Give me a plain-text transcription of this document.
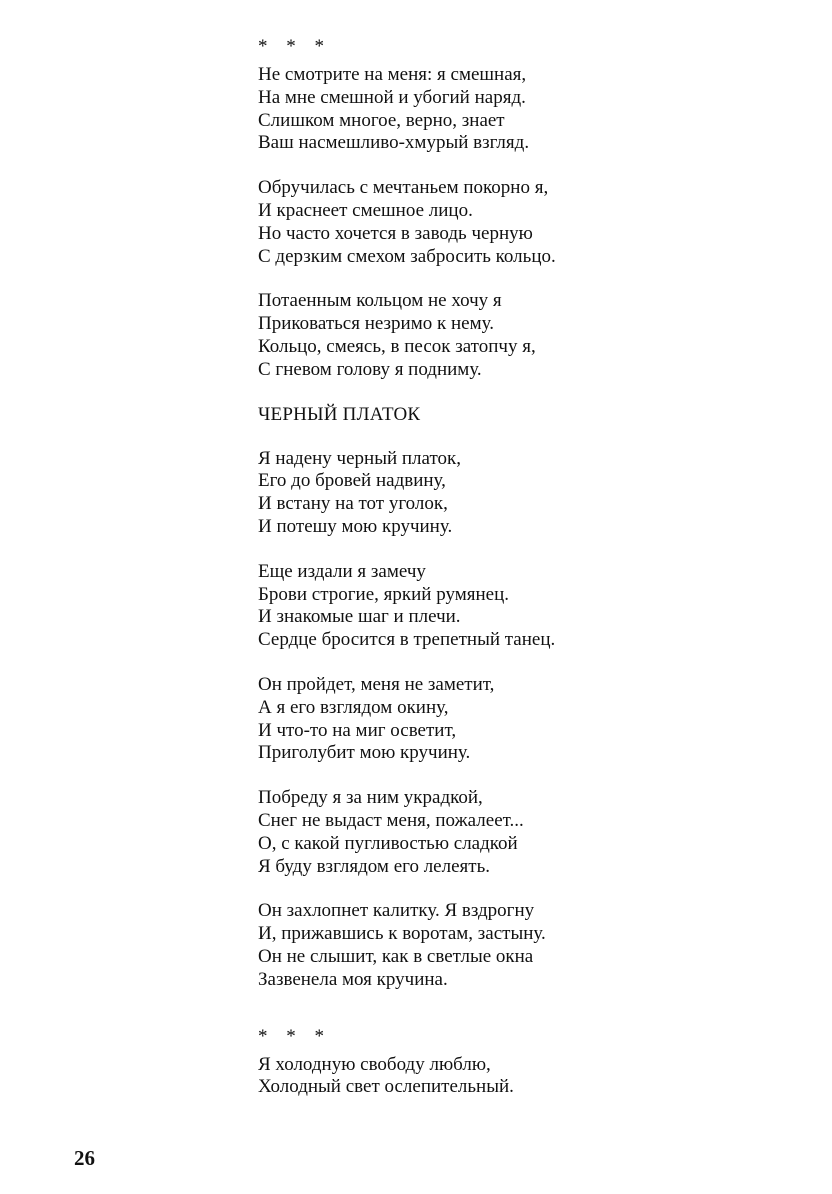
* * *
Не смотрите на меня: я смешная,
На мне смешной и убогий наряд.
Слишком многое, верно, знает
Ваш насмешливо-хмурый взгляд.
Обручилась с мечтаньем покорно я,
И краснеет смешное лицо.
Но часто хочется в заводь черную
С дерзким смехом забросить кольцо.
Потаенным кольцом не хочу я
Приковаться незримо к нему.
Кольцо, смеясь, в песок затопчу я,
С гневом голову я подниму.
ЧЕРНЫЙ ПЛАТОК
Я надену черный платок,
Его до бровей надвину,
И встану на тот уголок,
И потешу мою кручину.
Еще издали я замечу
Брови строгие, яркий румянец.
И знакомые шаг и плечи.
Сердце бросится в трепетный танец.
Он пройдет, меня не заметит,
А я его взглядом окину,
И что-то на миг осветит,
Приголубит мою кручину.
Побреду я за ним украдкой,
Снег не выдаст меня, пожалеет...
О, с какой пугливостью сладкой
Я буду взглядом его лелеять.
Он захлопнет калитку. Я вздрогну
И, прижавшись к воротам, застыну.
Он не слышит, как в светлые окна
Зазвенела моя кручина.
* * *
Я холодную свободу люблю,
Холодный свет ослепительный.
26
